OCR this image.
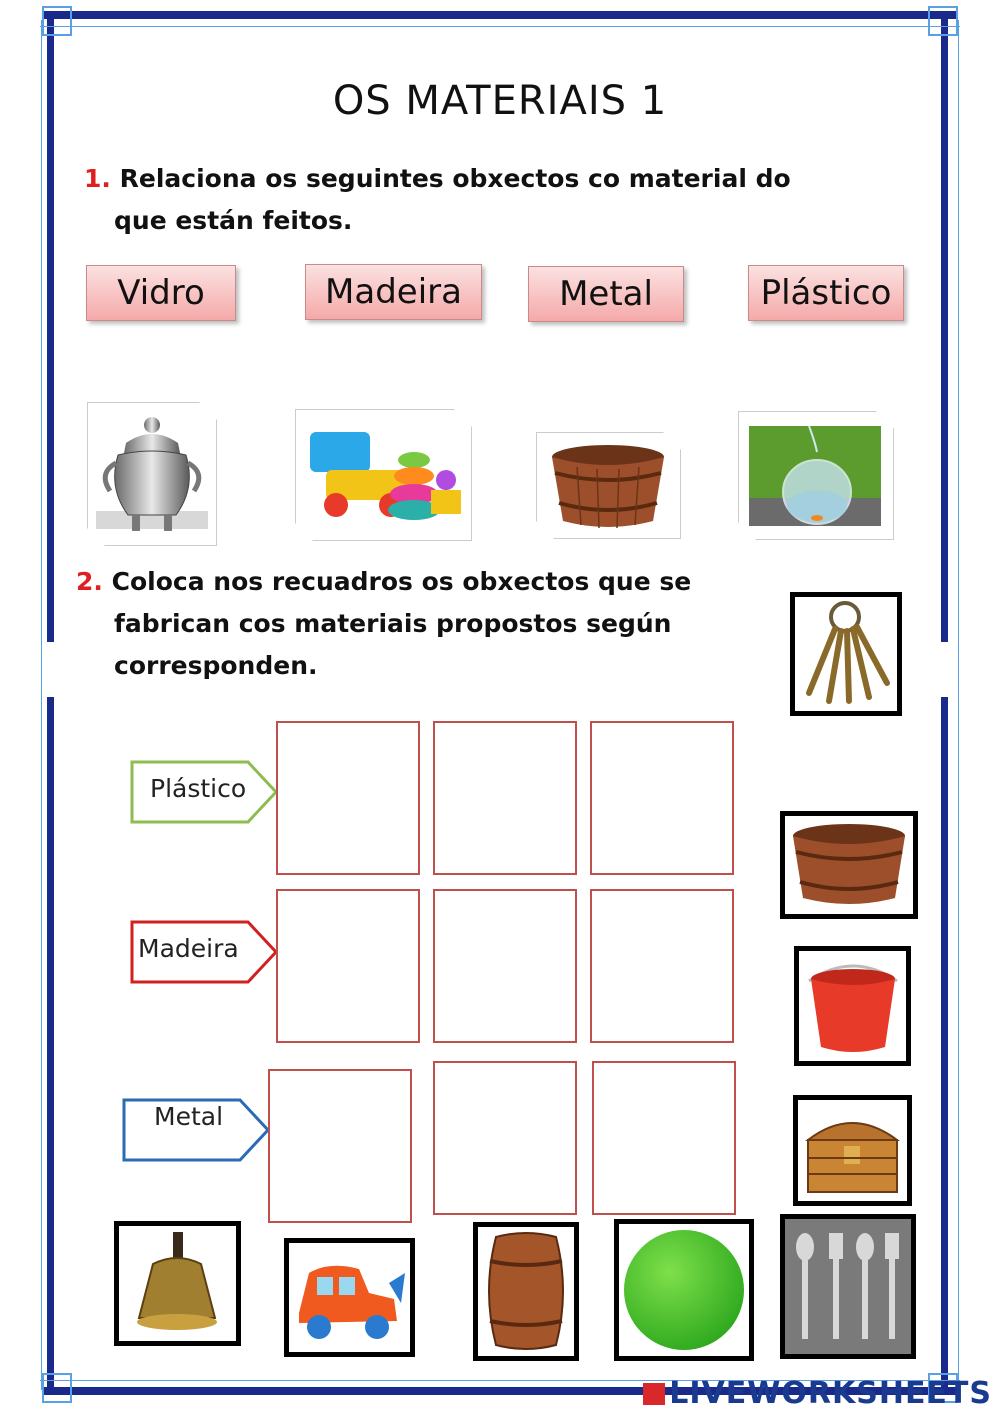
OS MATERIAIS 1
1. Relaciona os seguintes obxectos co material do
que están feitos.
Vidro	Madeira	Metal	Plástico
2. Coloca nos recuadros os obxectos que se
fabrican cos materiais propostos según
corresponden.
Plástico
Madeira
Metal
LIVEWORKSHEETS
